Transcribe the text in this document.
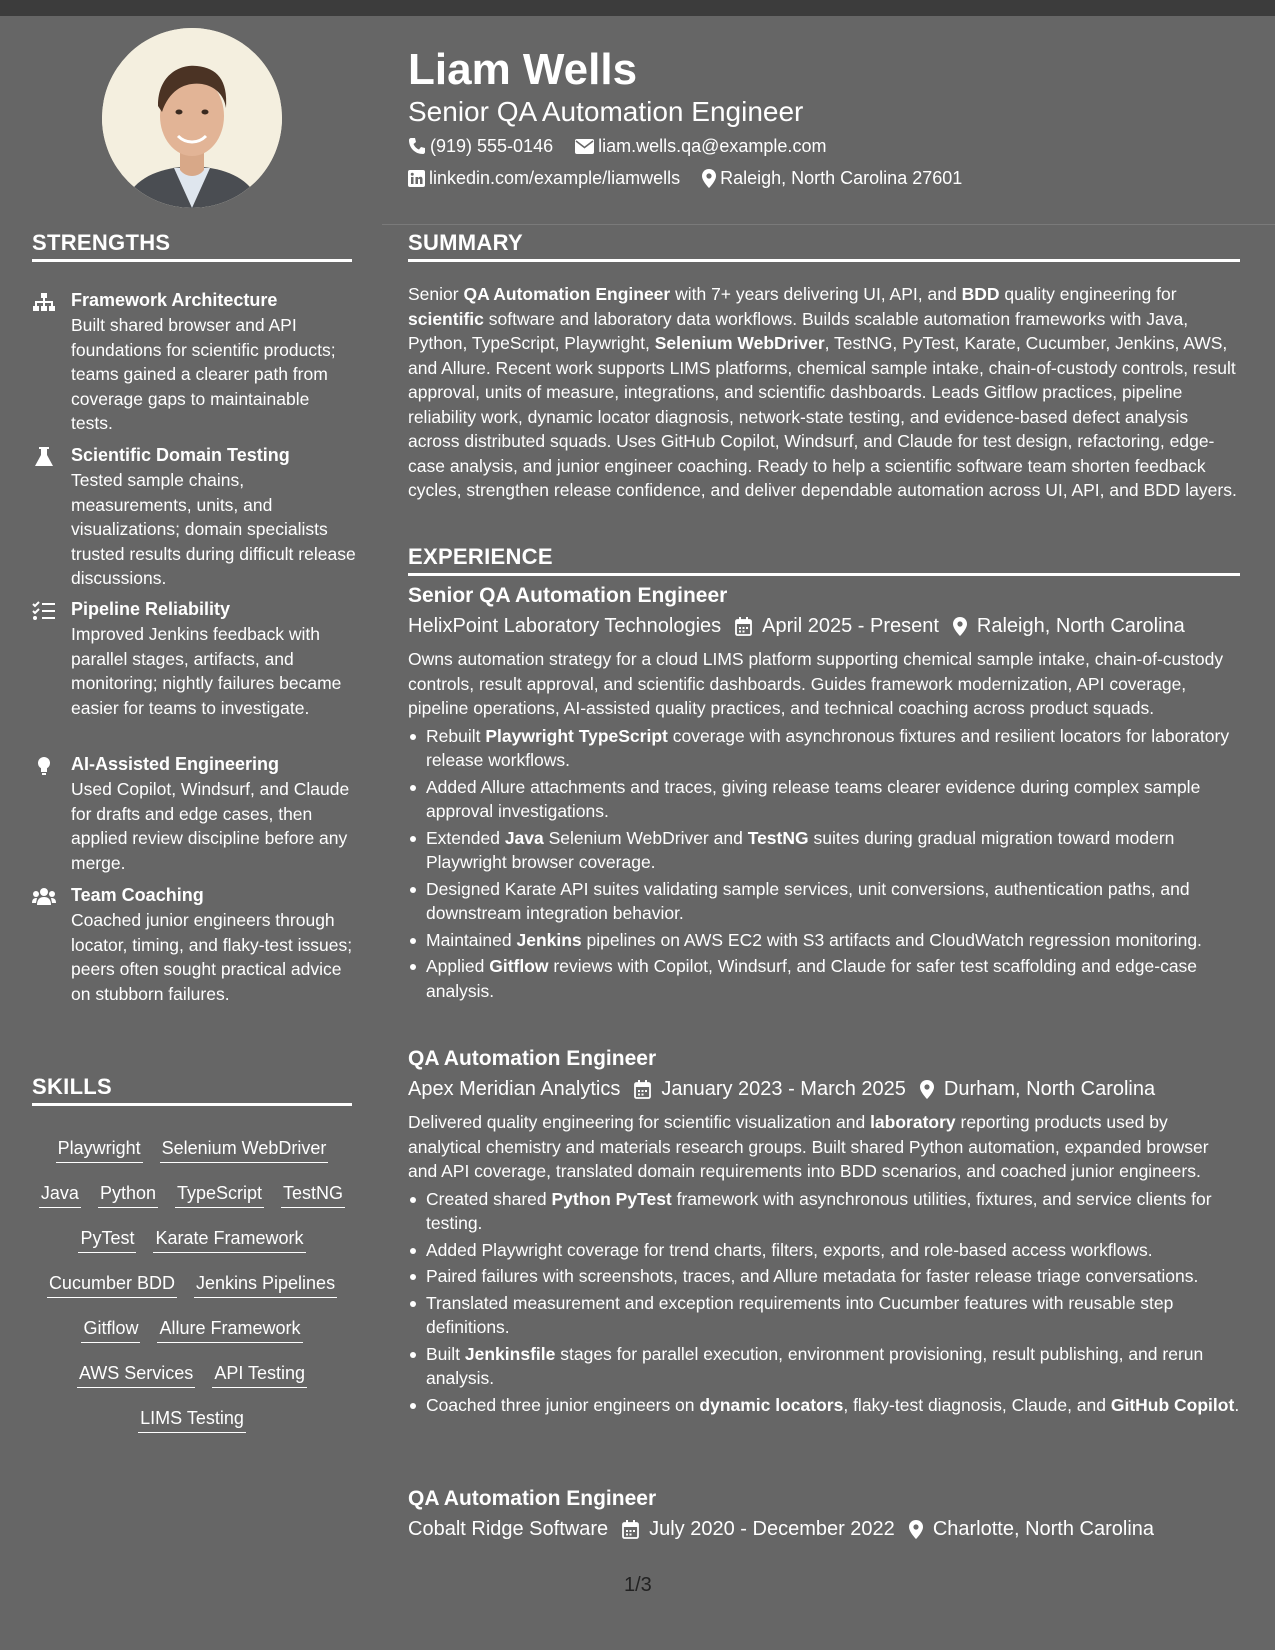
STRENGTHS
Framework Architecture
Built shared browser and API foundations for scientific products; teams gained a clearer path from coverage gaps to maintainable tests.
Scientific Domain Testing
Tested sample chains, measurements, units, and visualizations; domain specialists trusted results during difficult release discussions.
Pipeline Reliability
Improved Jenkins feedback with parallel stages, artifacts, and monitoring; nightly failures became easier for teams to investigate.
AI-Assisted Engineering
Used Copilot, Windsurf, and Claude for drafts and edge cases, then applied review discipline before any merge.
Team Coaching
Coached junior engineers through locator, timing, and flaky-test issues; peers often sought practical advice on stubborn failures.
SKILLS
Playwright Selenium WebDriver
Java Python TypeScript TestNG
PyTest Karate Framework
Cucumber BDD Jenkins Pipelines
Gitflow Allure Framework
AWS Services API Testing
LIMS Testing
Liam Wells
Senior QA Automation Engineer
(919) 555-0146	liam.wells.qa@example.com
linkedin.com/example/liamwells Raleigh, North Carolina 27601
SUMMARY
Senior QA Automation Engineer with 7+ years delivering UI, API, and BDD quality engineering for scientific software and laboratory data workflows. Builds scalable automation frameworks with Java, Python, TypeScript, Playwright, Selenium WebDriver, TestNG, PyTest, Karate, Cucumber, Jenkins, AWS, and Allure. Recent work supports LIMS platforms, chemical sample intake, chain-of-custody controls, result approval, units of measure, integrations, and scientific dashboards. Leads Gitflow practices, pipeline reliability work, dynamic locator diagnosis, network-state testing, and evidence-based defect analysis across distributed squads. Uses GitHub Copilot, Windsurf, and Claude for test design, refactoring, edge-case analysis, and junior engineer coaching. Ready to help a scientific software team shorten feedback cycles, strengthen release confidence, and deliver dependable automation across UI, API, and BDD layers.
EXPERIENCE
Senior QA Automation Engineer
HelixPoint Laboratory Technologies April 2025 - Present Raleigh, North Carolina
Owns automation strategy for a cloud LIMS platform supporting chemical sample intake, chain-of-custody controls, result approval, and scientific dashboards. Guides framework modernization, API coverage, pipeline operations, AI-assisted quality practices, and technical coaching across product squads.
Rebuilt Playwright TypeScript coverage with asynchronous fixtures and resilient locators for laboratory release workflows.
Added Allure attachments and traces, giving release teams clearer evidence during complex sample approval investigations.
Extended Java Selenium WebDriver and TestNG suites during gradual migration toward modern Playwright browser coverage.
Designed Karate API suites validating sample services, unit conversions, authentication paths, and downstream integration behavior.
Maintained Jenkins pipelines on AWS EC2 with S3 artifacts and CloudWatch regression monitoring.
Applied Gitflow reviews with Copilot, Windsurf, and Claude for safer test scaffolding and edge-case analysis.
QA Automation Engineer
Apex Meridian Analytics January 2023 - March 2025 Durham, North Carolina
Delivered quality engineering for scientific visualization and laboratory reporting products used by analytical chemistry and materials research groups. Built shared Python automation, expanded browser and API coverage, translated domain requirements into BDD scenarios, and coached junior engineers.
Created shared Python PyTest framework with asynchronous utilities, fixtures, and service clients for testing.
Added Playwright coverage for trend charts, filters, exports, and role-based access workflows.
Paired failures with screenshots, traces, and Allure metadata for faster release triage conversations.
Translated measurement and exception requirements into Cucumber features with reusable step definitions.
Built Jenkinsfile stages for parallel execution, environment provisioning, result publishing, and rerun analysis.
Coached three junior engineers on dynamic locators, flaky-test diagnosis, Claude, and GitHub Copilot.
QA Automation Engineer
Cobalt Ridge Software July 2020 - December 2022 Charlotte, North Carolina
1/3
